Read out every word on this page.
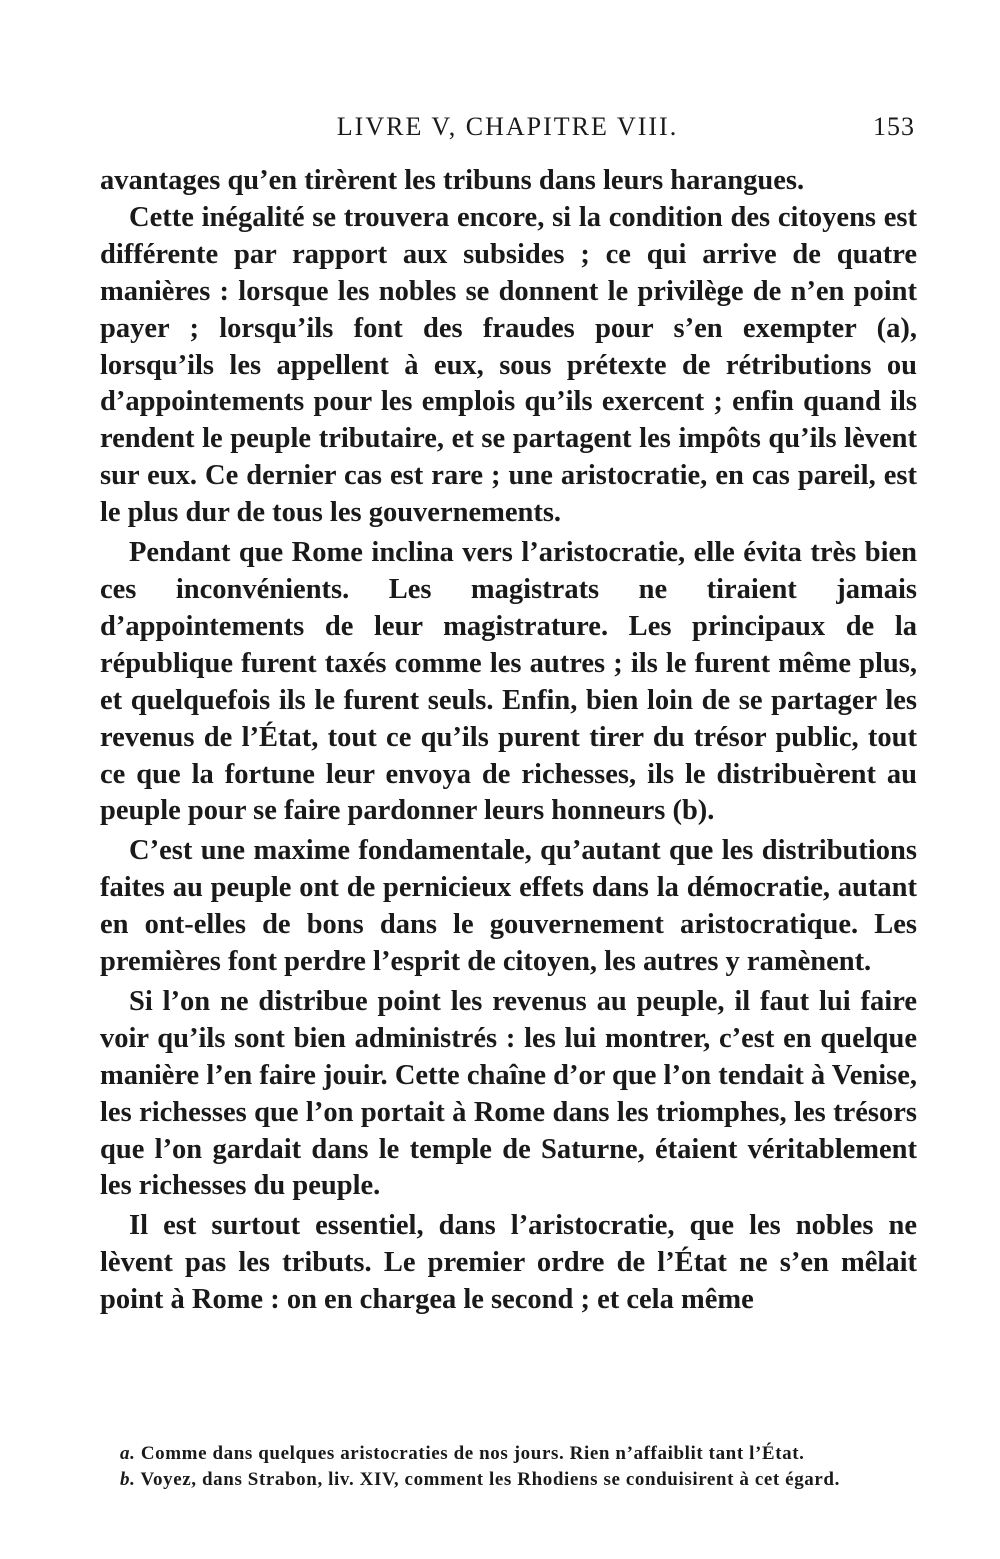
LIVRE V, CHAPITRE VIII.	153

avantages qu’en tirèrent les tribuns dans leurs harangues.

Cette inégalité se trouvera encore, si la condition des citoyens est différente par rapport aux subsides ; ce qui arrive de quatre manières : lorsque les nobles se donnent le privilège de n’en point payer ; lorsqu’ils font des fraudes pour s’en exempter (a), lorsqu’ils les appellent à eux, sous prétexte de rétributions ou d’appointements pour les emplois qu’ils exercent ; enfin quand ils rendent le peuple tributaire, et se partagent les impôts qu’ils lèvent sur eux. Ce dernier cas est rare ; une aristocratie, en cas pareil, est le plus dur de tous les gouvernements.

Pendant que Rome inclina vers l’aristocratie, elle évita très bien ces inconvénients. Les magistrats ne tiraient jamais d’appointements de leur magistrature. Les principaux de la république furent taxés comme les autres ; ils le furent même plus, et quelquefois ils le furent seuls. Enfin, bien loin de se partager les revenus de l’État, tout ce qu’ils purent tirer du trésor public, tout ce que la fortune leur envoya de richesses, ils le distribuèrent au peuple pour se faire pardonner leurs honneurs (b).

C’est une maxime fondamentale, qu’autant que les distributions faites au peuple ont de pernicieux effets dans la démocratie, autant en ont-elles de bons dans le gouvernement aristocratique. Les premières font perdre l’esprit de citoyen, les autres y ramènent.

Si l’on ne distribue point les revenus au peuple, il faut lui faire voir qu’ils sont bien administrés : les lui montrer, c’est en quelque manière l’en faire jouir. Cette chaîne d’or que l’on tendait à Venise, les richesses que l’on portait à Rome dans les triomphes, les trésors que l’on gardait dans le temple de Saturne, étaient véritablement les richesses du peuple.

Il est surtout essentiel, dans l’aristocratie, que les nobles ne lèvent pas les tributs. Le premier ordre de l’État ne s’en mêlait point à Rome : on en chargea le second ; et cela même

a. Comme dans quelques aristocraties de nos jours. Rien n’affaiblit tant l’État.

b. Voyez, dans Strabon, liv. XIV, comment les Rhodiens se conduisirent à cet égard.
